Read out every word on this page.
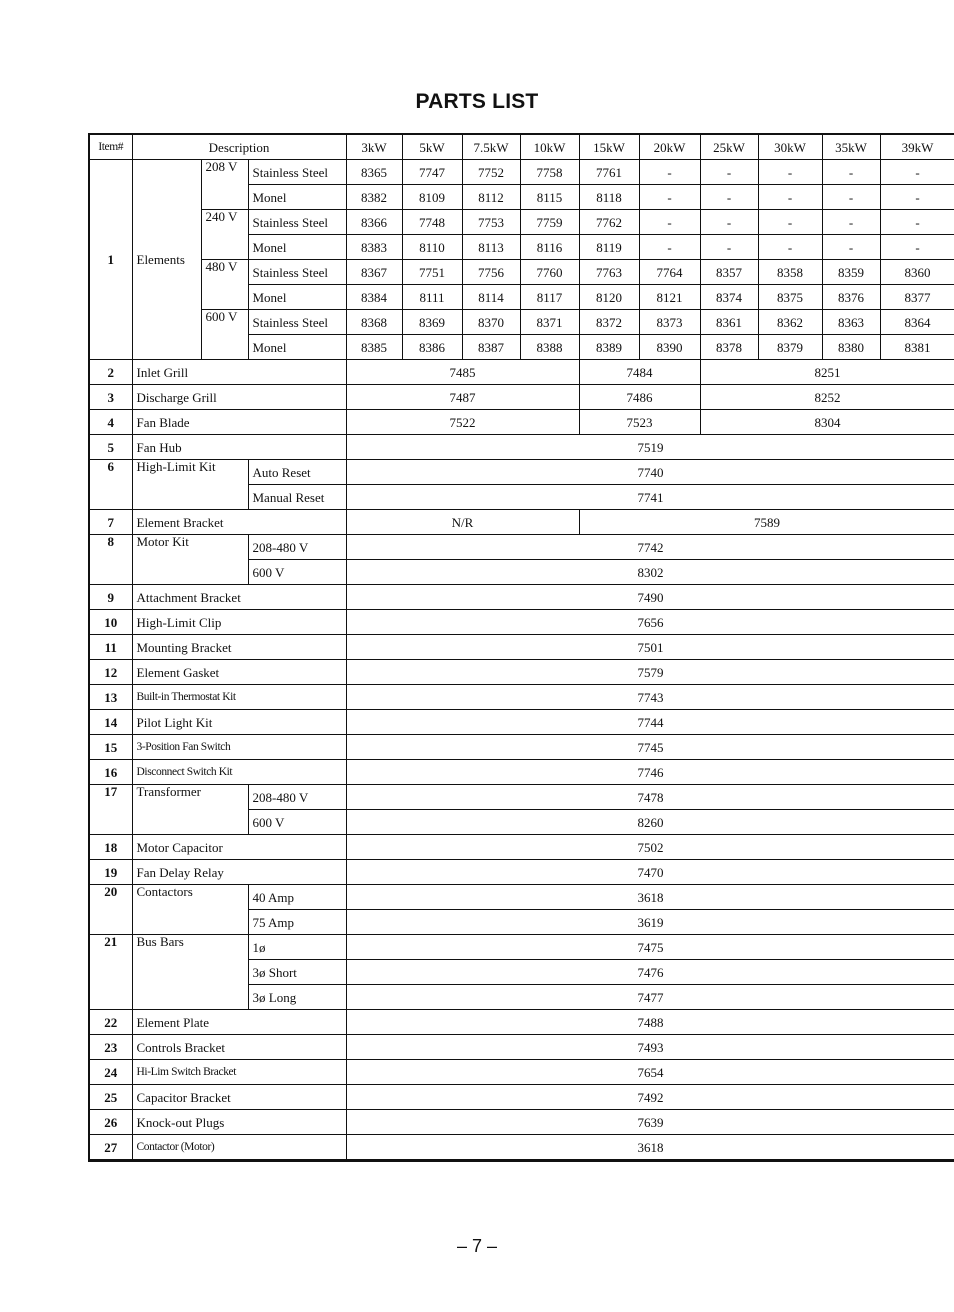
PARTS LIST
Item#	Description			3kW	5kW	7.5kW	10kW	15kW	20kW	25kW	30kW	35kW	39kW
1	Elements	208 V	Stainless Steel	8365	7747	7752	7758	7761	-	-	-	-	-
			Monel	8382	8109	8112	8115	8118	-	-	-	-	-
		240 V	Stainless Steel	8366	7748	7753	7759	7762	-	-	-	-	-
			Monel	8383	8110	8113	8116	8119	-	-	-	-	-
		480 V	Stainless Steel	8367	7751	7756	7760	7763	7764	8357	8358	8359	8360
			Monel	8384	8111	8114	8117	8120	8121	8374	8375	8376	8377
		600 V	Stainless Steel	8368	8369	8370	8371	8372	8373	8361	8362	8363	8364
			Monel	8385	8386	8387	8388	8389	8390	8378	8379	8380	8381
2	Inlet Grill			7485				7484		8251			
3	Discharge Grill			7487				7486		8252			
4	Fan Blade			7522				7523		8304			
5	Fan Hub			7519									
6	High-Limit Kit		Auto Reset	7740									
			Manual Reset	7741									
7	Element Bracket			N/R				7589					
8	Motor Kit		208-480 V	7742									
			600 V	8302									
9	Attachment Bracket			7490									
10	High-Limit Clip			7656									
11	Mounting Bracket			7501									
12	Element Gasket			7579									
13	Built-in Thermostat Kit			7743									
14	Pilot Light Kit			7744									
15	3-Position Fan Switch			7745									
16	Disconnect Switch Kit			7746									
17	Transformer		208-480 V	7478									
			600 V	8260									
18	Motor Capacitor			7502									
19	Fan Delay Relay			7470									
20	Contactors		40 Amp	3618									
			75 Amp	3619									
21	Bus Bars		1ø	7475									
			3ø Short	7476									
			3ø Long	7477									
22	Element Plate			7488									
23	Controls Bracket			7493									
24	Hi-Lim Switch Bracket			7654									
25	Capacitor Bracket			7492									
26	Knock-out Plugs			7639									
27	Contactor (Motor)			3618									
– 7 –
